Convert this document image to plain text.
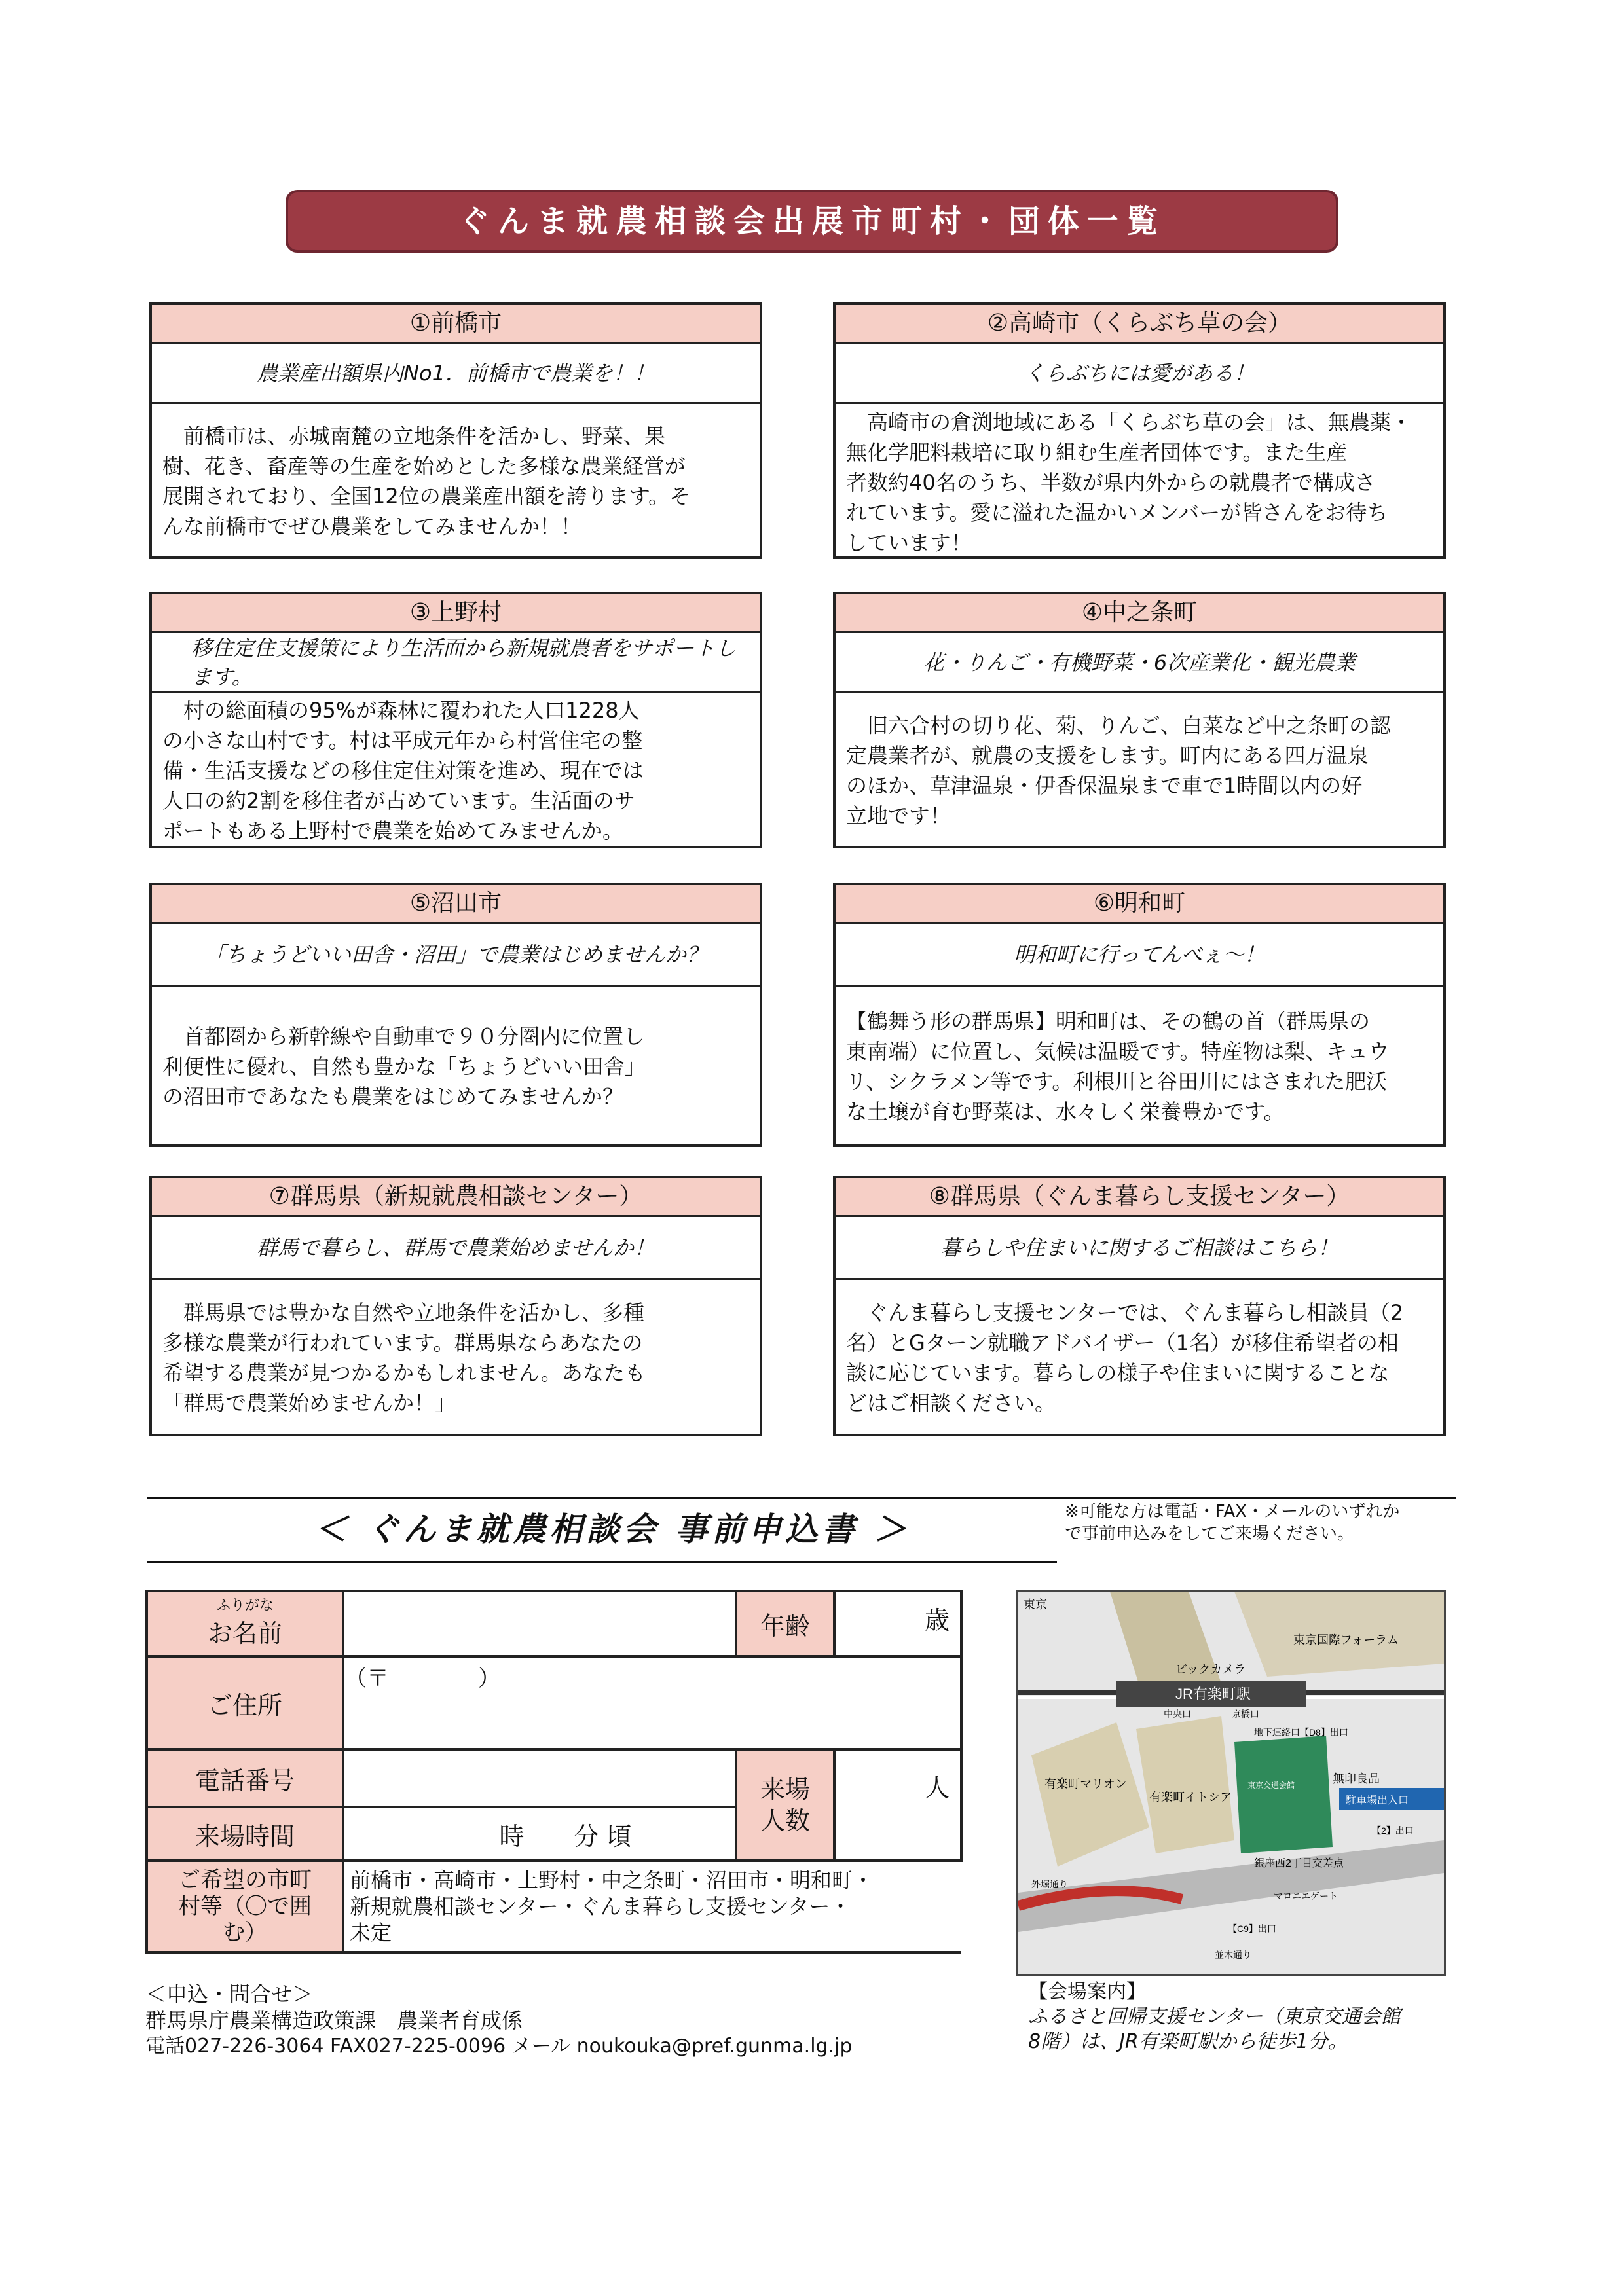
ぐんま就農相談会出展市町村・団体一覧
①前橋市
農業産出額県内No1．前橋市で農業を！！
前橋市は、赤城南麓の立地条件を活かし、野菜、果
樹、花き、畜産等の生産を始めとした多様な農業経営が
展開されており、全国12位の農業産出額を誇ります。そ
んな前橋市でぜひ農業をしてみませんか！！
②高崎市（くらぶち草の会）
くらぶちには愛がある！
高崎市の倉渕地域にある「くらぶち草の会」は、無農薬・
無化学肥料栽培に取り組む生産者団体です。また生産
者数約40名のうち、半数が県内外からの就農者で構成さ
れています。愛に溢れた温かいメンバーが皆さんをお待ち
しています！
③上野村
移住定住支援策により生活面から新規就農者をサポートします。
村の総面積の95%が森林に覆われた人口1228人
の小さな山村です。村は平成元年から村営住宅の整
備・生活支援などの移住定住対策を進め、現在では
人口の約2割を移住者が占めています。生活面のサ
ポートもある上野村で農業を始めてみませんか。
④中之条町
花・りんご・有機野菜・6次産業化・観光農業
旧六合村の切り花、菊、りんご、白菜など中之条町の認
定農業者が、就農の支援をします。町内にある四万温泉
のほか、草津温泉・伊香保温泉まで車で1時間以内の好
立地です！
⑤沼田市
「ちょうどいい田舎・沼田」で農業はじめませんか？
首都圏から新幹線や自動車で９０分圏内に位置し
利便性に優れ、自然も豊かな「ちょうどいい田舎」
の沼田市であなたも農業をはじめてみませんか？
⑥明和町
明和町に行ってんべぇ～！
【鶴舞う形の群馬県】明和町は、その鶴の首（群馬県の
東南端）に位置し、気候は温暖です。特産物は梨、キュウ
リ、シクラメン等です。利根川と谷田川にはさまれた肥沃
な土壌が育む野菜は、水々しく栄養豊かです。
⑦群馬県（新規就農相談センター）
群馬で暮らし、群馬で農業始めませんか！
群馬県では豊かな自然や立地条件を活かし、多種
多様な農業が行われています。群馬県ならあなたの
希望する農業が見つかるかもしれません。あなたも
「群馬で農業始めませんか！」
⑧群馬県（ぐんま暮らし支援センター）
暮らしや住まいに関するご相談はこちら！
ぐんま暮らし支援センターでは、ぐんま暮らし相談員（2
名）とGターン就職アドバイザー（1名）が移住希望者の相
談に応じています。暮らしの様子や住まいに関することな
どはご相談ください。
＜ ぐんま就農相談会 事前申込書 ＞	※可能な方は電話・FAX・メールのいずれか
で事前申込みをしてご来場ください。
ふりがな
お名前		年齢	歳
ご住所	（〒　　　　）		
電話番号		来場人数	人
来場時間	時　　分 頃		

ご希望の市町村等（〇で囲む）	前橋市・高崎市・上野村・中之条町・沼田市・明和町・
新規就農相談センター・ぐんま暮らし支援センター・
未定		
＜申込・問合せ＞
群馬県庁農業構造政策課　農業者育成係
電話027-226-3064 FAX027-225-0096 メール noukouka@pref.gunma.lg.jp
東京
東京国際フォーラム
ビックカメラ
JR有楽町駅
中央口	京橋口
地下連絡口【D8】出口
無印良品
駐車場出入口
有楽町マリオン
有楽町イトシア
銀座西2丁目交差点
【2】出口
【C9】出口
マロニエゲート
並木通り
外堀通り
東京交通会館
【会場案内】
ふるさと回帰支援センター（東京交通会館
8階）は、JR有楽町駅から徒歩1分。
